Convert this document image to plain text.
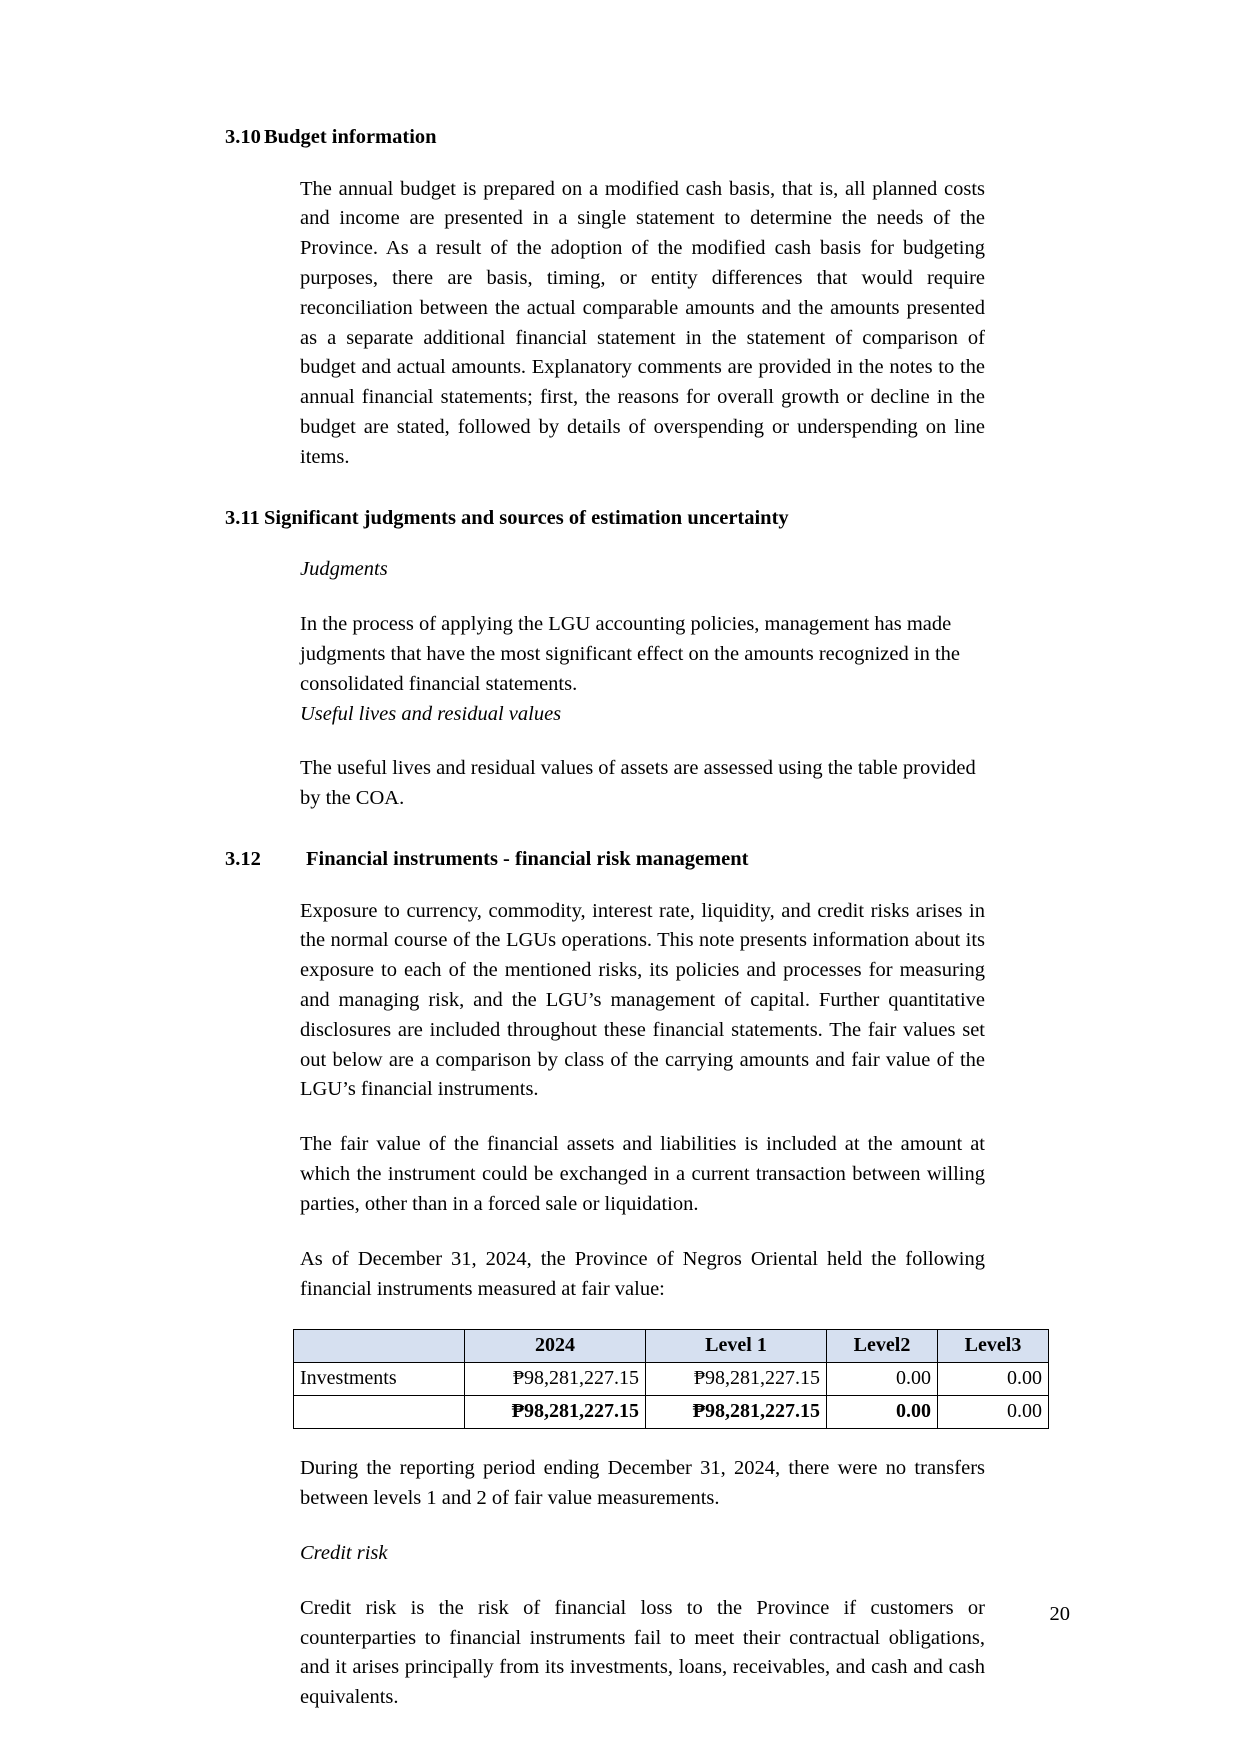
3.10 Budget information

The annual budget is prepared on a modified cash basis, that is, all planned costs and income are presented in a single statement to determine the needs of the Province. As a result of the adoption of the modified cash basis for budgeting purposes, there are basis, timing, or entity differences that would require reconciliation between the actual comparable amounts and the amounts presented as a separate additional financial statement in the statement of comparison of budget and actual amounts. Explanatory comments are provided in the notes to the annual financial statements; first, the reasons for overall growth or decline in the budget are stated, followed by details of overspending or underspending on line items.

3.11 Significant judgments and sources of estimation uncertainty

Judgments

In the process of applying the LGU accounting policies, management has made judgments that have the most significant effect on the amounts recognized in the consolidated financial statements.

Useful lives and residual values

The useful lives and residual values of assets are assessed using the table provided by the COA.

3.12	Financial instruments - financial risk management

Exposure to currency, commodity, interest rate, liquidity, and credit risks arises in the normal course of the LGUs operations. This note presents information about its exposure to each of the mentioned risks, its policies and processes for measuring and managing risk, and the LGU’s management of capital. Further quantitative disclosures are included throughout these financial statements. The fair values set out below are a comparison by class of the carrying amounts and fair value of the LGU’s financial instruments.

The fair value of the financial assets and liabilities is included at the amount at which the instrument could be exchanged in a current transaction between willing parties, other than in a forced sale or liquidation.

As of December 31, 2024, the Province of Negros Oriental held the following financial instruments measured at fair value:

	2024	Level 1	Level2	Level3
Investments	₱98,281,227.15	₱98,281,227.15	0.00	0.00
	₱98,281,227.15	₱98,281,227.15	0.00	0.00

During the reporting period ending December 31, 2024, there were no transfers between levels 1 and 2 of fair value measurements.

Credit risk

Credit risk is the risk of financial loss to the Province if customers or counterparties to financial instruments fail to meet their contractual obligations, and it arises principally from its investments, loans, receivables, and cash and cash equivalents.

20
